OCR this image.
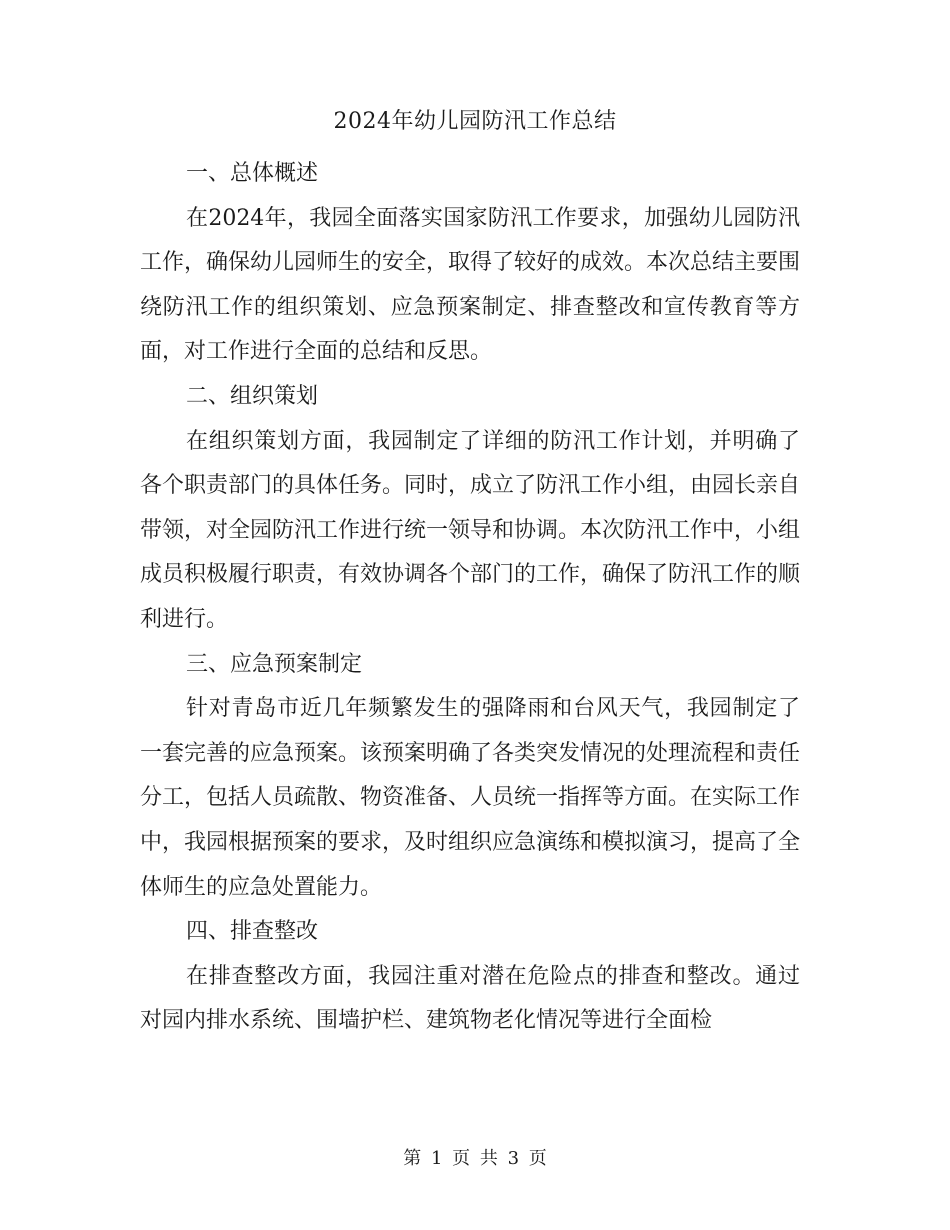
2024年幼儿园防汛工作总结
一、总体概述

在2024年，我园全面落实国家防汛工作要求，加强幼儿园防汛工作，确保幼儿园师生的安全，取得了较好的成效。本次总结主要围绕防汛工作的组织策划、应急预案制定、排查整改和宣传教育等方面，对工作进行全面的总结和反思。

二、组织策划

在组织策划方面，我园制定了详细的防汛工作计划，并明确了各个职责部门的具体任务。同时，成立了防汛工作小组，由园长亲自带领，对全园防汛工作进行统一领导和协调。本次防汛工作中，小组成员积极履行职责，有效协调各个部门的工作，确保了防汛工作的顺利进行。

三、应急预案制定

针对青岛市近几年频繁发生的强降雨和台风天气，我园制定了一套完善的应急预案。该预案明确了各类突发情况的处理流程和责任分工，包括人员疏散、物资准备、人员统一指挥等方面。在实际工作中，我园根据预案的要求，及时组织应急演练和模拟演习，提高了全体师生的应急处置能力。

四、排查整改

在排查整改方面，我园注重对潜在危险点的排查和整改。通过对园内排水系统、围墙护栏、建筑物老化情况等进行全面检

第 1 页 共 3 页
